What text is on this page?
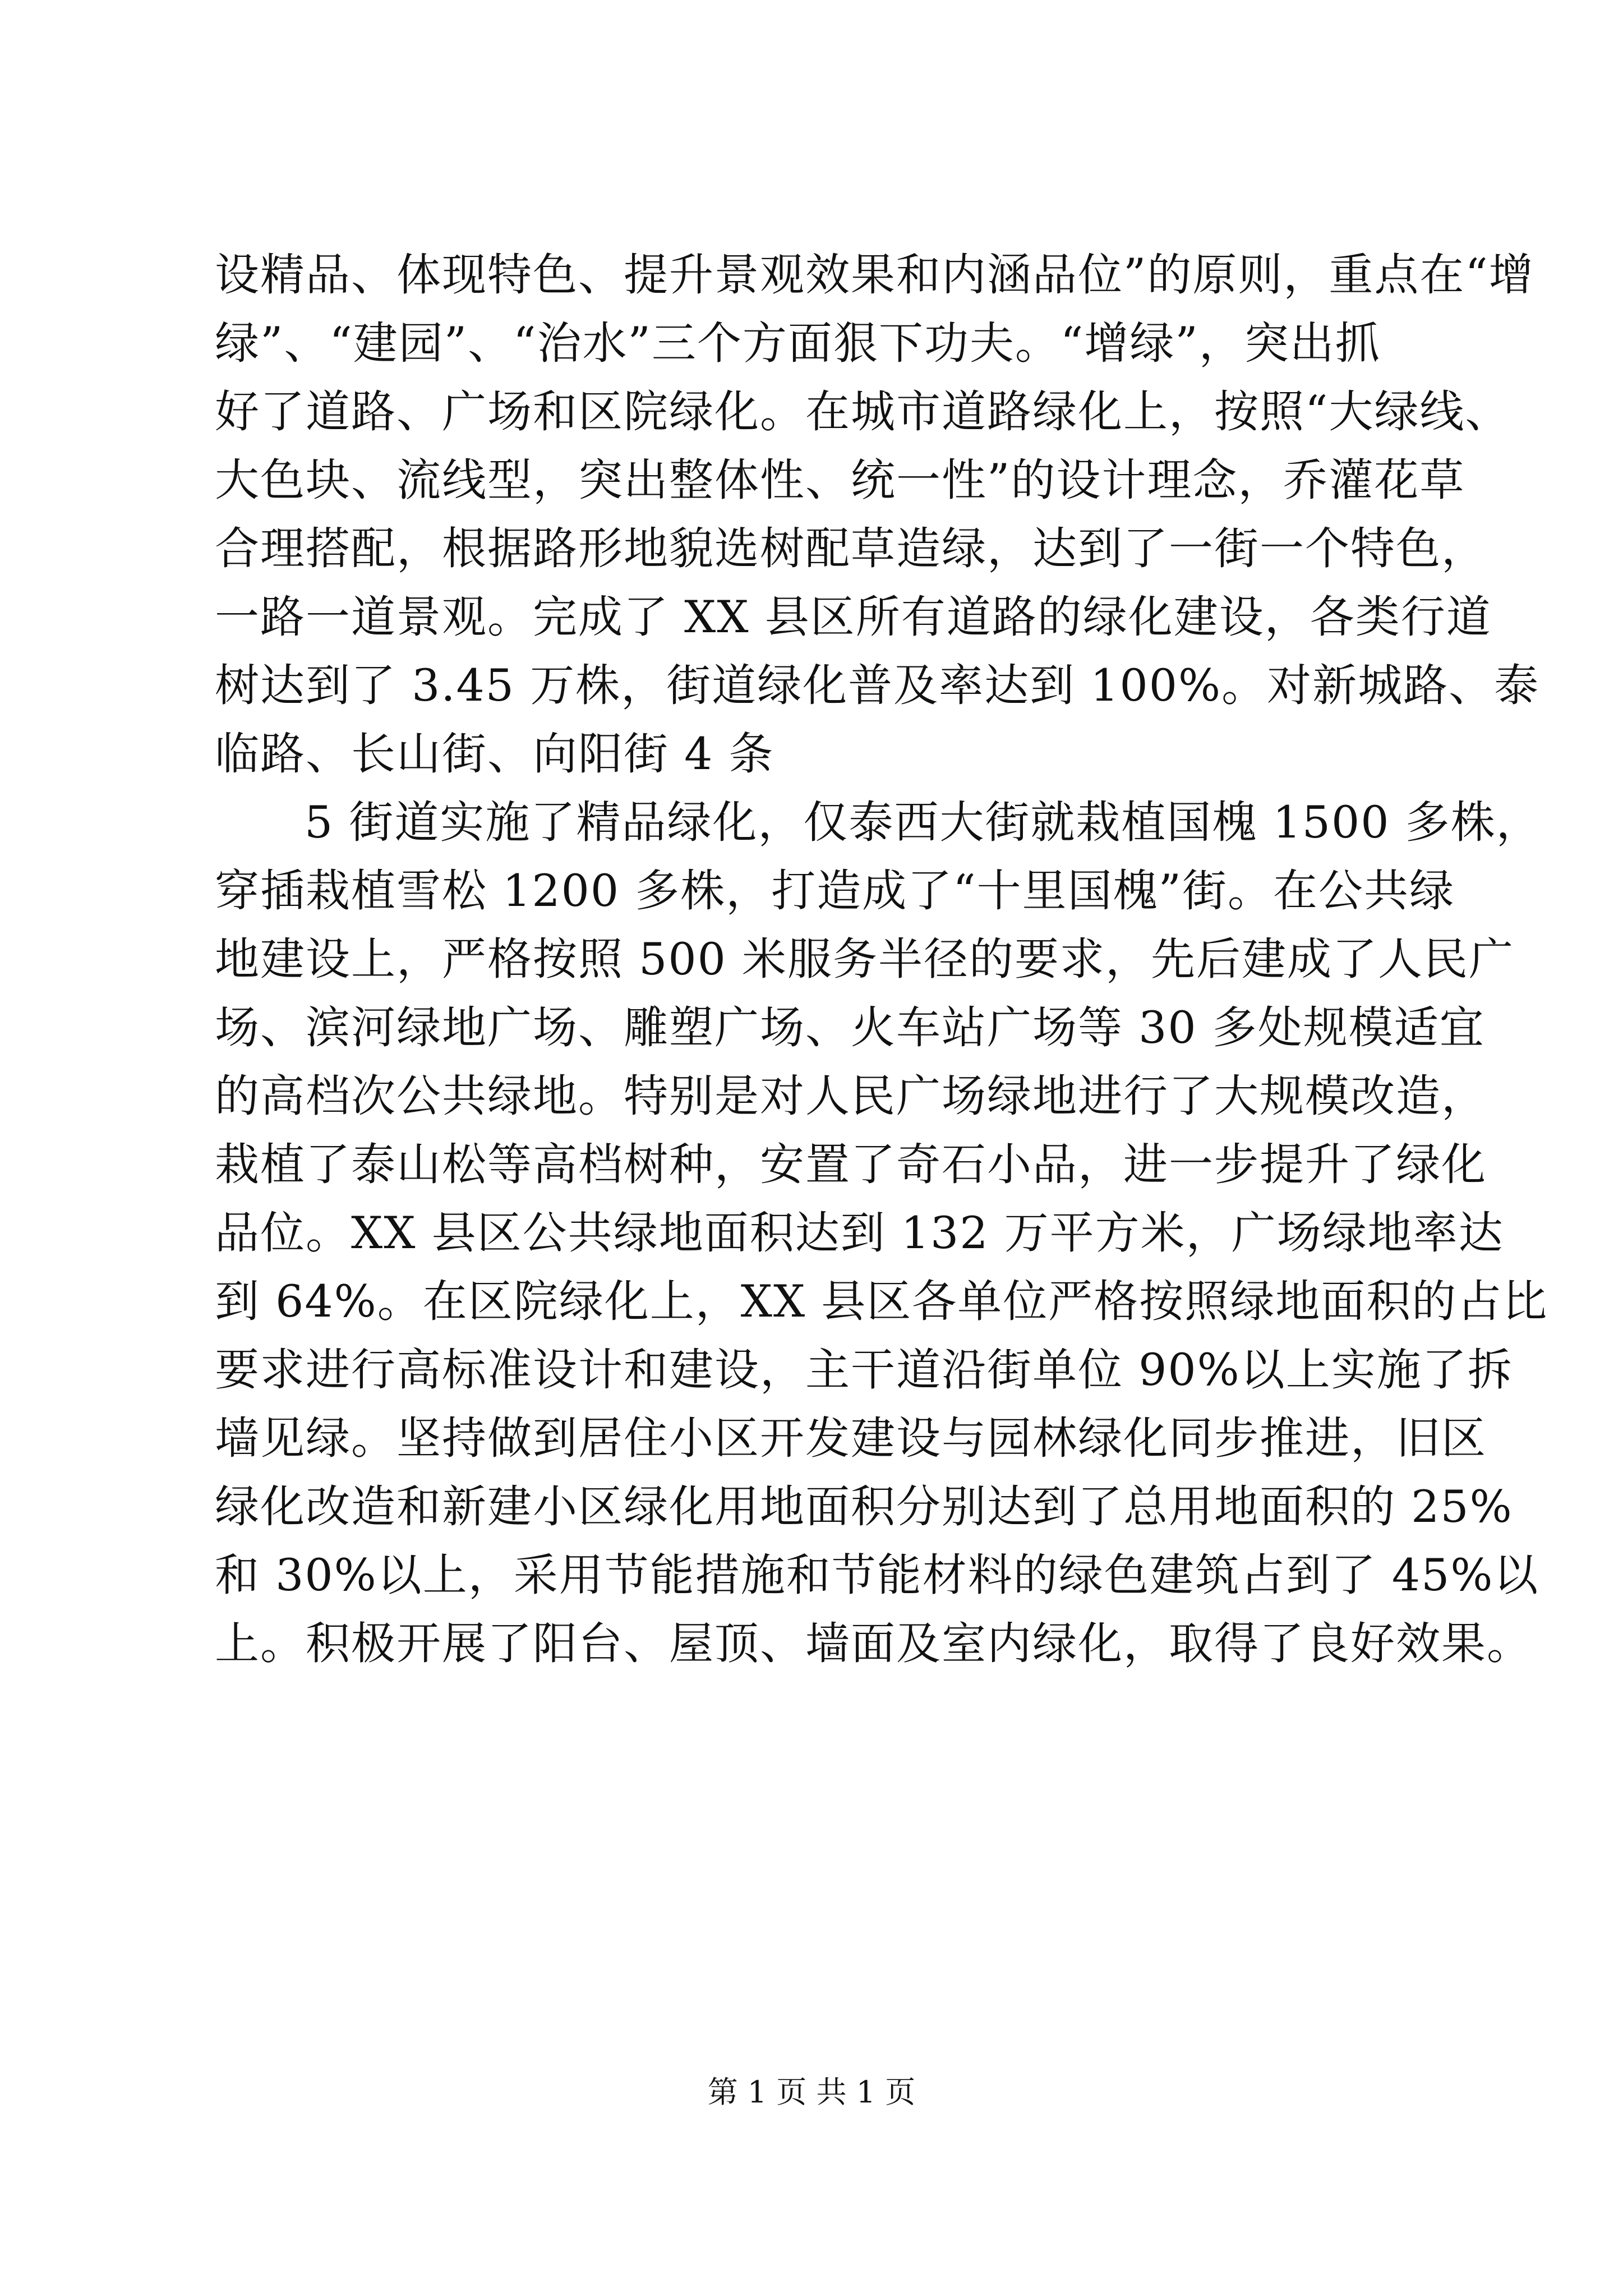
设精品、体现特色、提升景观效果和内涵品位”的原则，重点在“增
绿”、“建园”、“治水”三个方面狠下功夫。“增绿”，突出抓
好了道路、广场和区院绿化。在城市道路绿化上，按照“大绿线、
大色块、流线型，突出整体性、统一性”的设计理念，乔灌花草
合理搭配，根据路形地貌选树配草造绿，达到了一街一个特色，
一路一道景观。完成了 XX 县区所有道路的绿化建设，各类行道
树达到了 3.45 万株，街道绿化普及率达到 100%。对新城路、泰
临路、长山街、向阳街 4 条
5 街道实施了精品绿化，仅泰西大街就栽植国槐 1500 多株，
穿插栽植雪松 1200 多株，打造成了“十里国槐”街。在公共绿
地建设上，严格按照 500 米服务半径的要求，先后建成了人民广
场、滨河绿地广场、雕塑广场、火车站广场等 30 多处规模适宜
的高档次公共绿地。特别是对人民广场绿地进行了大规模改造，
栽植了泰山松等高档树种，安置了奇石小品，进一步提升了绿化
品位。XX 县区公共绿地面积达到 132 万平方米，广场绿地率达
到 64%。在区院绿化上，XX 县区各单位严格按照绿地面积的占比
要求进行高标准设计和建设，主干道沿街单位 90%以上实施了拆
墙见绿。坚持做到居住小区开发建设与园林绿化同步推进，旧区
绿化改造和新建小区绿化用地面积分别达到了总用地面积的 25%
和 30%以上，采用节能措施和节能材料的绿色建筑占到了 45%以
上。积极开展了阳台、屋顶、墙面及室内绿化，取得了良好效果。
第 1 页 共 1 页
